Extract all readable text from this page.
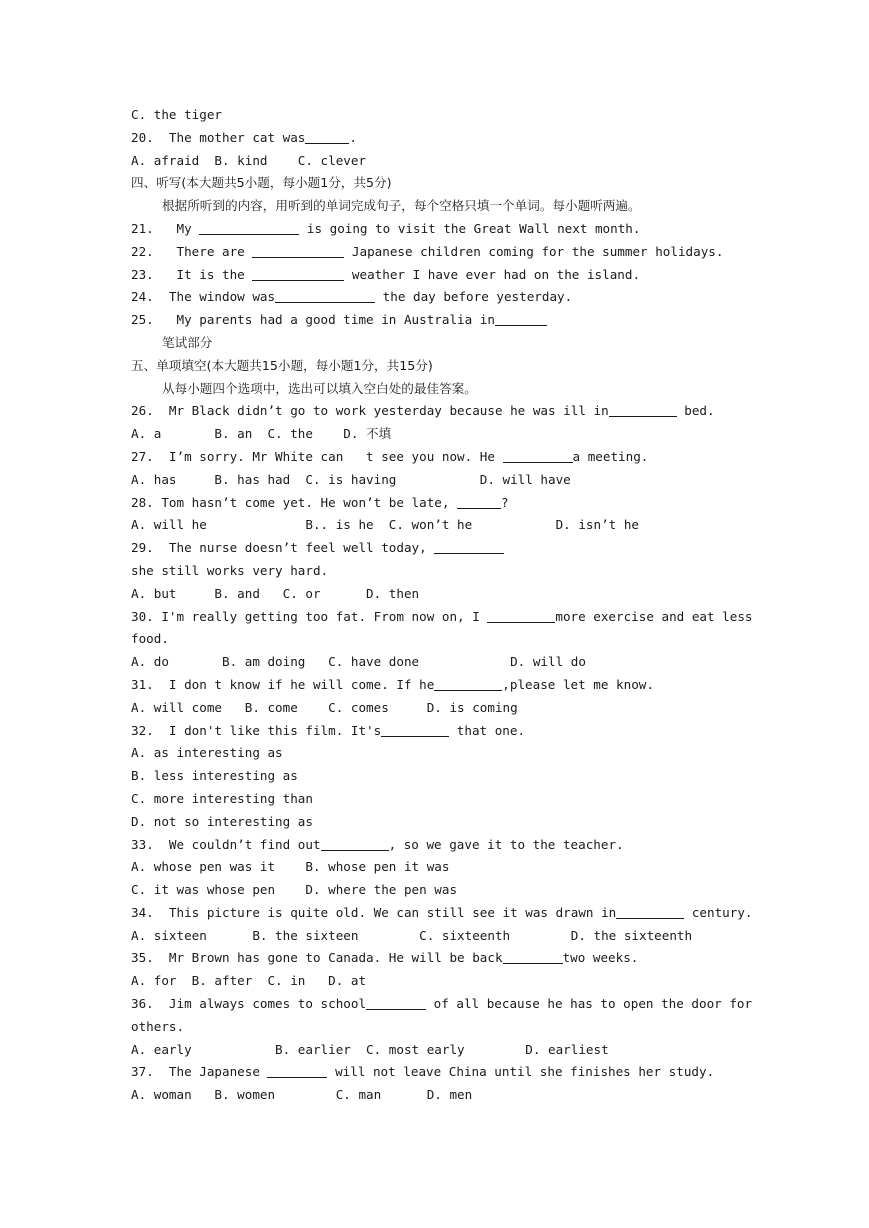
C. the tiger
20.  The mother cat was	.
A. afraid  B. kind    C. clever
四、听写(本大题共5小题，每小题1分，共5分)
根据所听到的内容，用听到的单词完成句子，每个空格只填一个单词。每小题听两遍。
21.   My	is going to visit the Great Wall next month.
22.   There are	Japanese children coming for the summer holidays.
23.   It is the	weather I have ever had on the island.
24.  The window was	the day before yesterday.
25.   My parents had a good time in Australia in
笔试部分
五、单项填空(本大题共15小题，每小题1分，共15分)
从每小题四个选项中，选出可以填入空白处的最佳答案。
26.  Mr Black didn’t go to work yesterday because he was ill in	bed.
A. a       B. an  C. the    D. 不填
27.  I’m sorry. Mr White can   t see you now. He	a meeting.
A. has     B. has had  C. is having           D. will have
28. Tom hasn’t come yet. He won’t be late,	?
A. will he             B.. is he  C. won’t he           D. isn’t he
29.  The nurse doesn’t feel well today,
she still works very hard.
A. but     B. and   C. or      D. then
30. I'm really getting too fat. From now on, I	more exercise and eat less
food.
A. do       B. am doing   C. have done            D. will do
31.  I don t know if he will come. If he	,please let me know.
A. will come   B. come    C. comes     D. is coming
32.  I don't like this film. It's	that one.
A. as interesting as
B. less interesting as
C. more interesting than
D. not so interesting as
33.  We couldn’t find out	, so we gave it to the teacher.
A. whose pen was it    B. whose pen it was
C. it was whose pen    D. where the pen was
34.  This picture is quite old. We can still see it was drawn in	century.
A. sixteen      B. the sixteen        C. sixteenth        D. the sixteenth
35.  Mr Brown has gone to Canada. He will be back	two weeks.
A. for  B. after  C. in   D. at
36.  Jim always comes to school	of all because he has to open the door for
others.
A. early           B. earlier  C. most early        D. earliest
37.  The Japanese	will not leave China until she finishes her study.
A. woman   B. women        C. man      D. men
